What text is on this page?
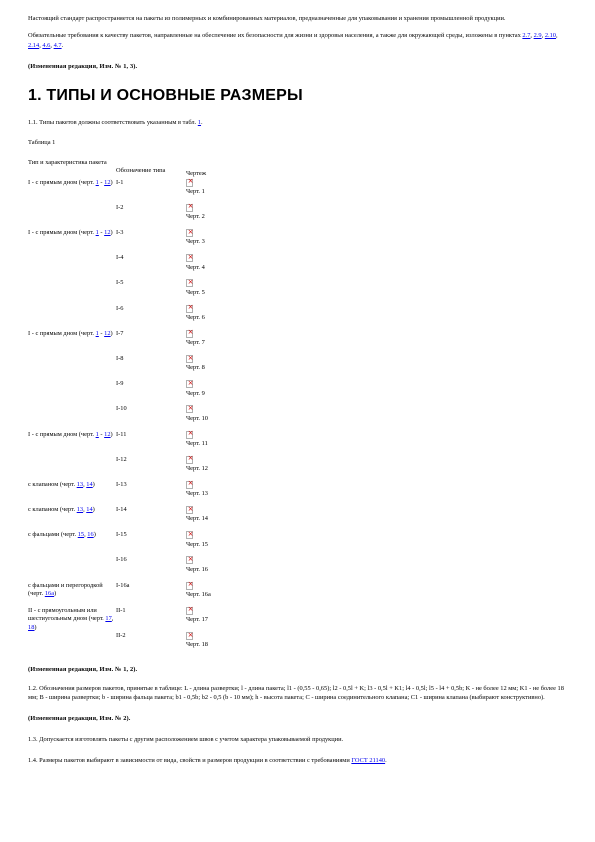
Настоящий стандарт распространяется на пакеты из полимерных и комбинированных материалов, предназначенные для упаковывания и хранения промышленной продукции.

Обязательные требования к качеству пакетов, направленные на обеспечение их безопасности для жизни и здоровья населения, а также для окружающей среды, изложены в пунктах 2.7, 2.9, 2.10, 2.14, 4.6, 4.7.

(Измененная редакция, Изм. № 1, 3).
1. ТИПЫ И ОСНОВНЫЕ РАЗМЕРЫ
1.1. Типы пакетов должны соответствовать указанным в табл. 1.
Таблица 1
Тип и характеристика пакета	Обозначение типа	Чертеж
I - с прямым дном (черт. 1 - 12)	I-1	×
Черт. 1

	I-2	×
Черт. 2

I - с прямым дном (черт. 1 - 12)	I-3	×
Черт. 3

	I-4	×
Черт. 4

	I-5	×
Черт. 5

	I-6	×
Черт. 6

I - с прямым дном (черт. 1 - 12)	I-7	×
Черт. 7

	I-8	×
Черт. 8

	I-9	×
Черт. 9

	I-10	×
Черт. 10

I - с прямым дном (черт. 1 - 12)	I-11	×
Черт. 11

	I-12	×
Черт. 12

с клапаном (черт. 13, 14)	I-13	×
Черт. 13

с клапаном (черт. 13, 14)	I-14	×
Черт. 14

с фальцами (черт. 15, 16)	I-15	×
Черт. 15

	I-16	×
Черт. 16

с фальцами и перегородкой (черт. 16а)	I-16а	×
Черт. 16а

II - с прямоугольным или шестиугольным дном (черт. 17, 18)	II-1	×
Черт. 17

	II-2	×
Черт. 18
(Измененная редакция, Изм. № 1, 2).

1.2. Обозначения размеров пакетов, принятые в таблице: L - длина развертки; l - длина пакета; l1 - (0,55 - 0,65); l2 - 0,5l + K; l3 - 0,5l + K1; l4 - 0,5l; l5 - l4 + 0,5b; K - не более 12 мм; K1 - не более 18 мм; B - ширина развертки; b - ширина фальца пакета; b1 - 0,5b; b2 - 0,5 (b - 10 мм); h - высота пакета; С - ширина соединительного клапана; С1 - ширина клапана (выбирают конструктивно).

(Измененная редакция, Изм. № 2).

1.3. Допускается изготовлять пакеты с другим расположением швов с учетом характера упаковываемой продукции.

1.4. Размеры пакетов выбирают в зависимости от вида, свойств и размеров продукции в соответствии с требованиями ГОСТ 21140.
